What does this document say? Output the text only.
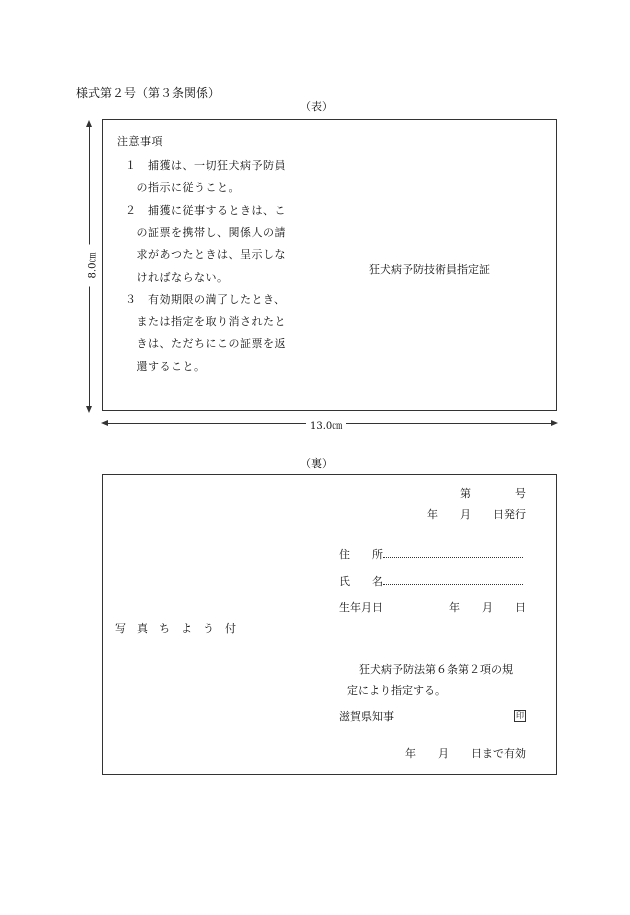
様式第２号（第３条関係）
（表）
注意事項
１　捕獲は、一切狂犬病予防員
　の指示に従うこと。
２　捕獲に従事するときは、こ
　の証票を携帯し、関係人の請
　求があつたときは、呈示しな
　ければならない。
３　有効期限の満了したとき、
　または指定を取り消されたと
　きは、ただちにこの証票を返
　還すること。
狂犬病予防技術員指定証
8.0㎝
13.0㎝
（裏）
第　　　　号
年　　月　　日発行
住　　所
氏　　名
生年月日	年　　月　　日
写　真　ち　よ　う　付
狂犬病予防法第６条第２項の規
定により指定する。
滋賀県知事	印
年　　月　　日まで有効
